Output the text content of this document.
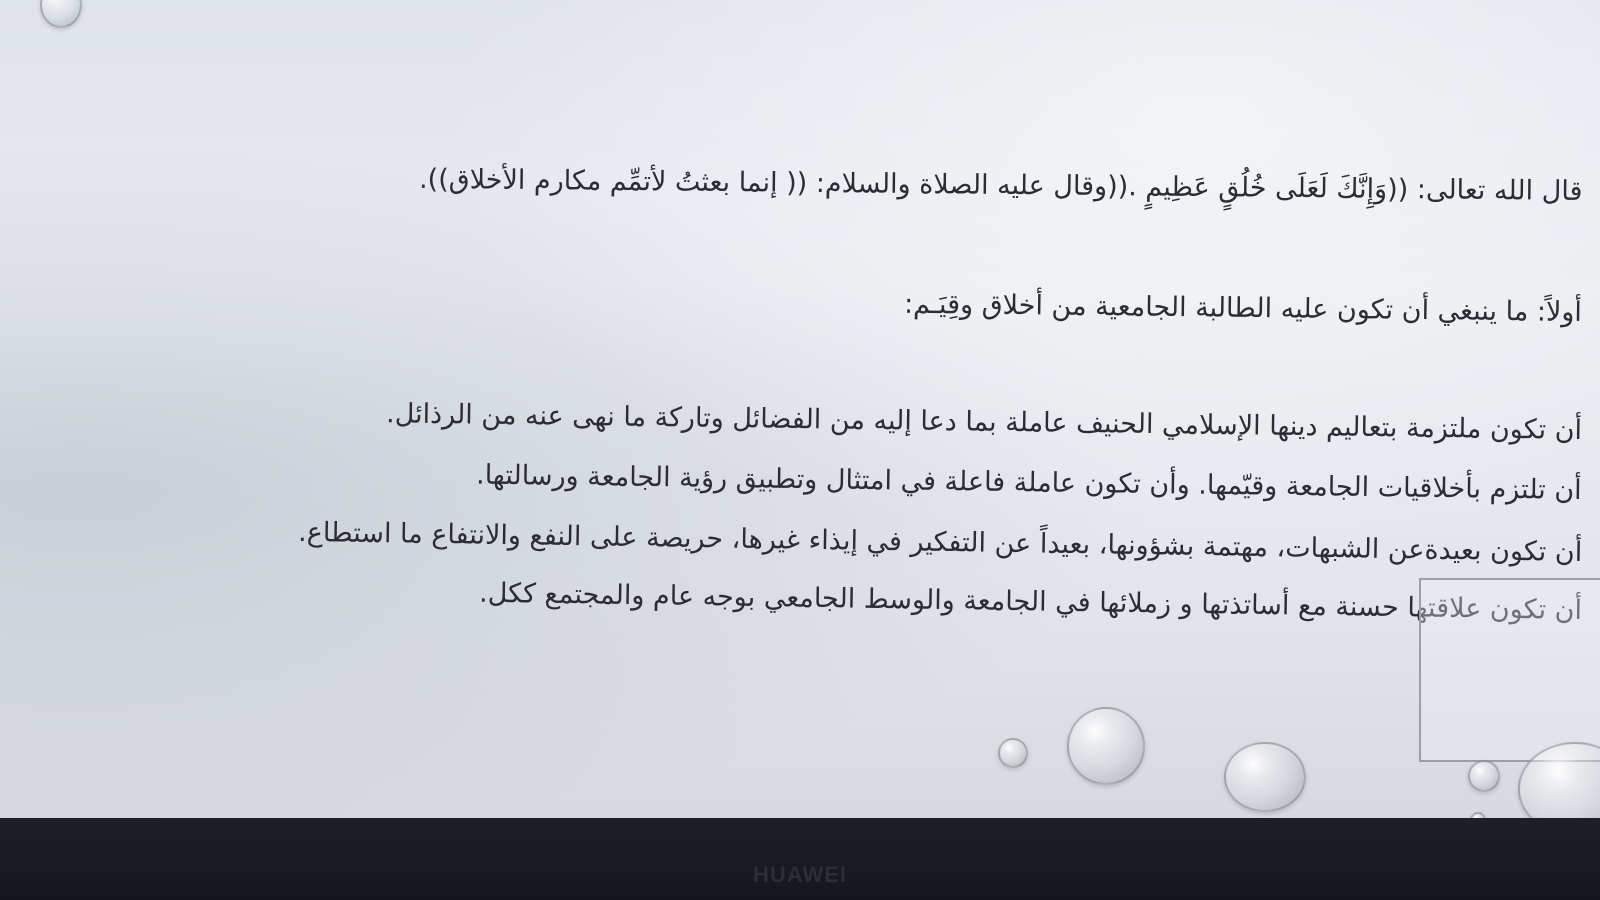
قال الله تعالى: ((وَإِنَّكَ لَعَلَى خُلُقٍ عَظِيمٍ .((وقال عليه الصلاة والسلام: (( إنما بعثتُ لأتمِّم مكارم الأخلاق)).
أولاً: ما ينبغي أن تكون عليه الطالبة الجامعية من أخلاق وقِيَـم:
أن تكون ملتزمة بتعاليم دينها الإسلامي الحنيف عاملة بما دعا إليه من الفضائل وتاركة ما نهى عنه من الرذائل.
أن تلتزم بأخلاقيات الجامعة وقيّمها. وأن تكون عاملة فاعلة في امتثال وتطبيق رؤية الجامعة ورسالتها.
أن تكون بعيدةعن الشبهات، مهتمة بشؤونها، بعيداً عن التفكير في إيذاء غيرها، حريصة على النفع والانتفاع ما استطاع.
أن تكون علاقتها حسنة مع أساتذتها و زملائها في الجامعة والوسط الجامعي بوجه عام والمجتمع ككل.
HUAWEI
